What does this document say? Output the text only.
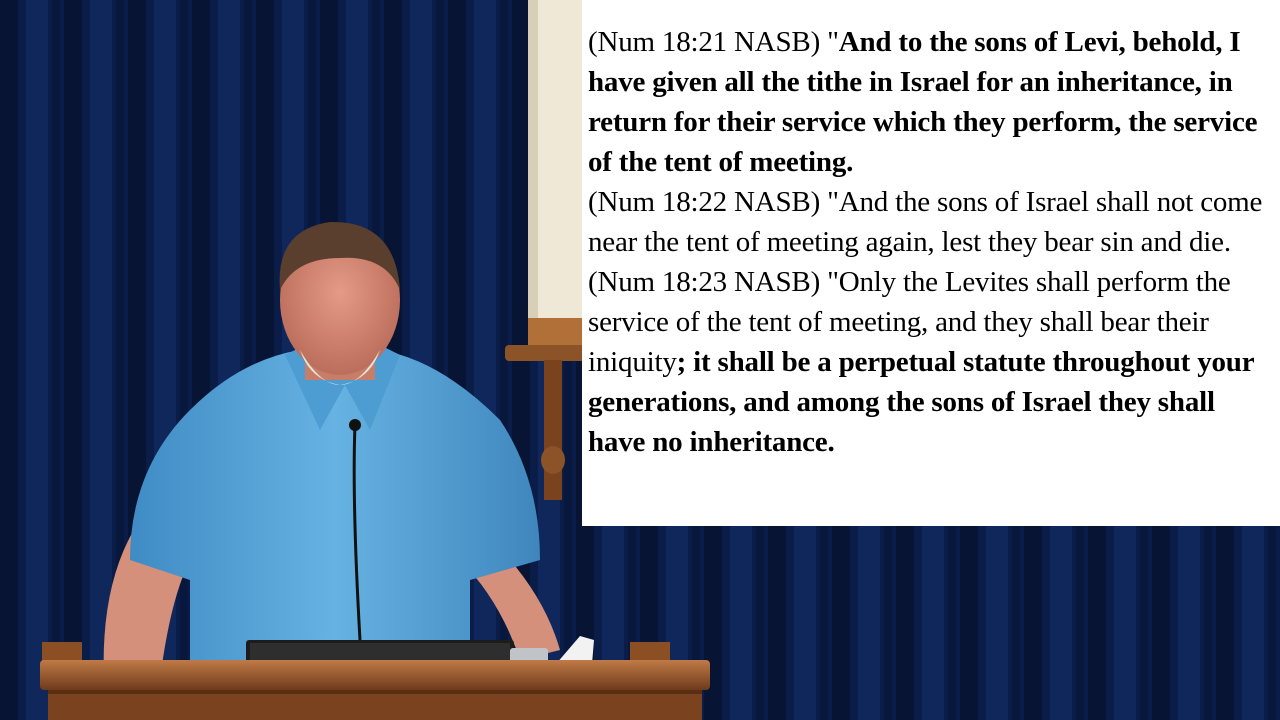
(Num 18:21 NASB) "And to the sons of Levi, behold, I have given all the tithe in Israel for an inheritance, in return for their service which they perform, the service of the tent of meeting.

(Num 18:22 NASB) "And the sons of Israel shall not come near the tent of meeting again, lest they bear sin and die.

(Num 18:23 NASB) "Only the Levites shall perform the service of the tent of meeting, and they shall bear their iniquity; it shall be a perpetual statute throughout your generations, and among the sons of Israel they shall have no inheritance.
